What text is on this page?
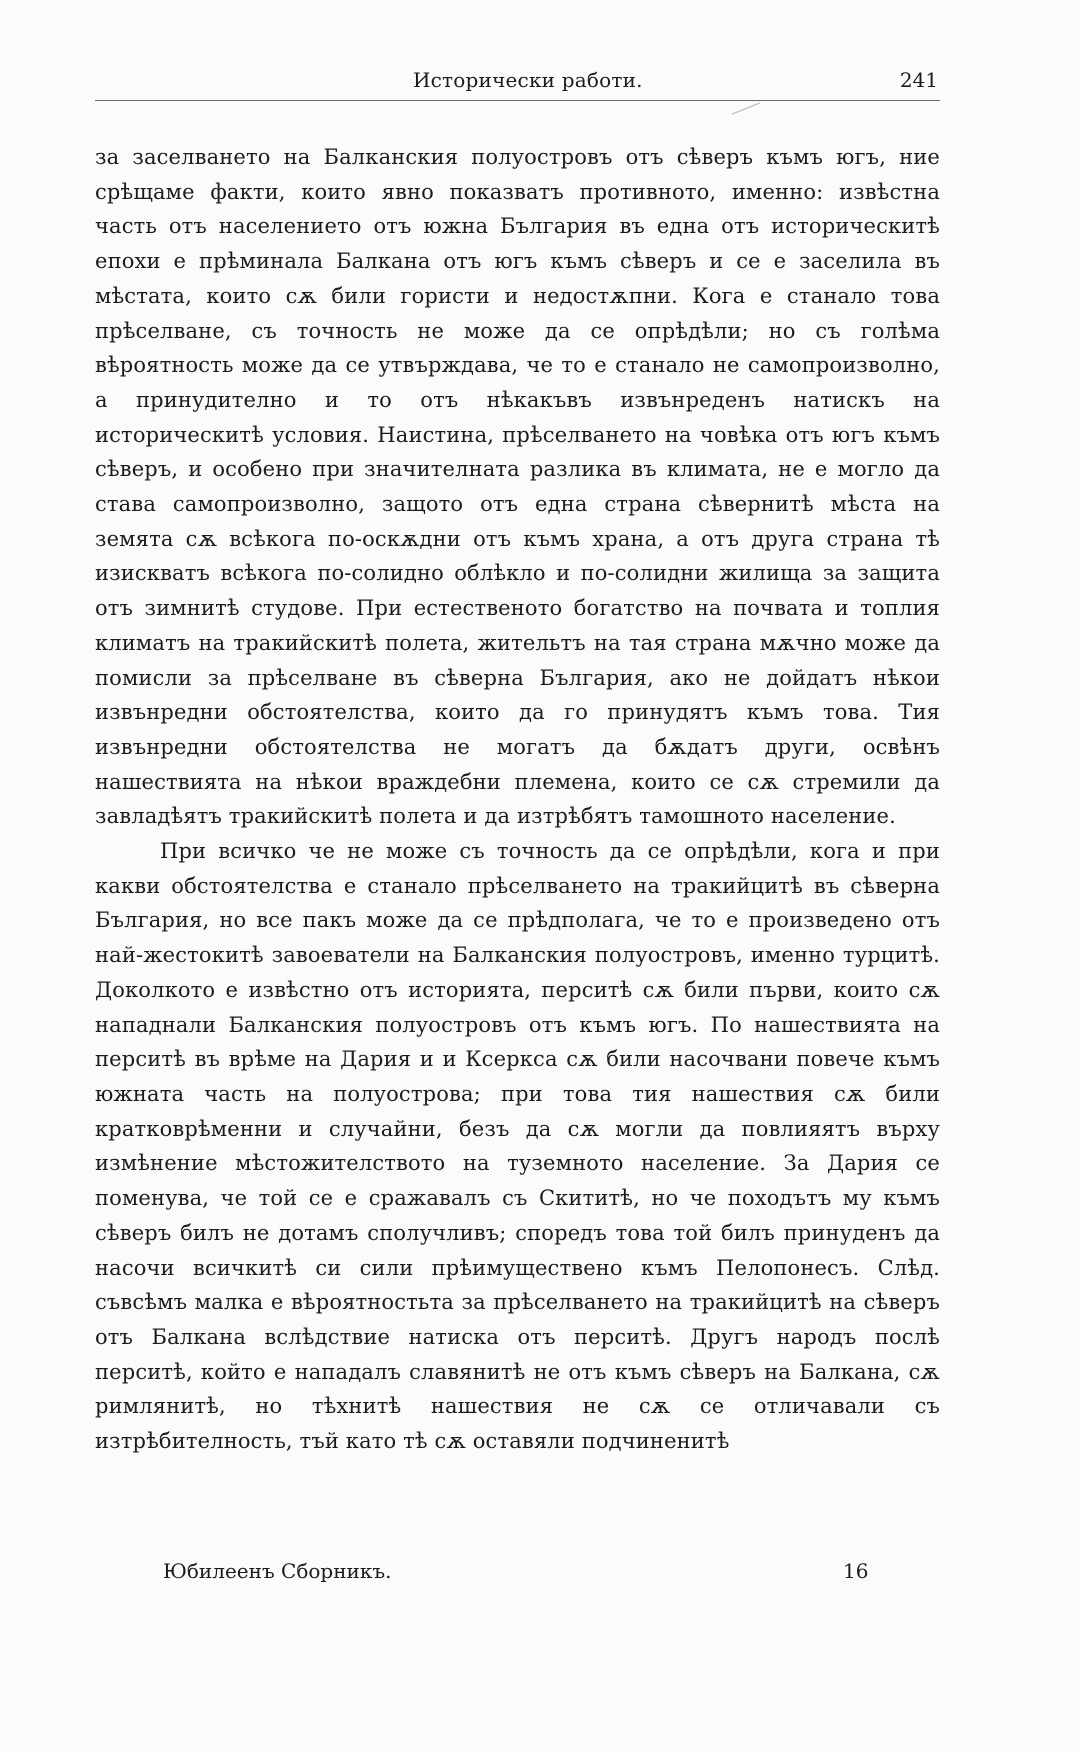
Исторически работи.	241

за заселването на Балканския полуостровъ отъ сѣверъ къмъ югъ, ние срѣщаме факти, които явно показватъ противното, именно: извѣстна часть отъ населението отъ южна България въ една отъ историческитѣ епохи е прѣминала Балкана отъ югъ къмъ сѣверъ и се е заселила въ мѣстата, които сѫ били гористи и недостѫпни. Кога е станало това прѣселване, съ точность не може да се опрѣдѣли; но съ голѣма вѣроятность може да се утвърждава, че то е станало не самопроизволно, а принудително и то отъ нѣкакъвъ извънреденъ натискъ на историческитѣ условия. Наистина, прѣселването на човѣка отъ югъ къмъ сѣверъ, и особено при значителната разлика въ климата, не е могло да става самопроизволно, защото отъ една страна сѣвернитѣ мѣста на земята сѫ всѣкога по-оскѫдни отъ къмъ храна, а отъ друга страна тѣ изискватъ всѣкога по-солидно облѣкло и по-солидни жилища за защита отъ зимнитѣ студове. При естественото богатство на почвата и топлия климатъ на тракийскитѣ полета, жительтъ на тая страна мѫчно може да помисли за прѣселване въ сѣверна България, ако не дойдатъ нѣкои извънредни обстоятелства, които да го принудятъ къмъ това. Тия извънредни обстоятелства не могатъ да бѫдатъ други, освѣнъ нашествията на нѣкои враждебни племена, които се сѫ стремили да завладѣятъ тракийскитѣ полета и да изтрѣбятъ тамошното население.

При всичко че не може съ точность да се опрѣдѣли, кога и при какви обстоятелства е станало прѣселването на тракийцитѣ въ сѣверна България, но все пакъ може да се прѣдполага, че то е произведено отъ най-жестокитѣ завоеватели на Балканския полуостровъ, именно турцитѣ. Доколкото е извѣстно отъ историята, перситѣ сѫ били първи, които сѫ нападнали Балканския полуостровъ отъ къмъ югъ. По нашествията на перситѣ въ врѣме на Дария и и Ксеркса сѫ били насочвани повече къмъ южната часть на полуострова; при това тия нашествия сѫ били кратковрѣменни и случайни, безъ да сѫ могли да повлияятъ върху измѣнение мѣстожителството на туземното население. За Дария се поменува, че той се е сражавалъ съ Скититѣ, но че походътъ му къмъ сѣверъ билъ не дотамъ сполучливъ; споредъ това той билъ принуденъ да насочи всичкитѣ си сили прѣимуществено къмъ Пелопонесъ. Слѣд. съвсѣмъ малка е вѣроятностьта за прѣселването на тракийцитѣ на сѣверъ отъ Балкана вслѣдствие натиска отъ перситѣ. Другъ народъ послѣ перситѣ, който е нападалъ славянитѣ не отъ къмъ сѣверъ на Балкана, сѫ римлянитѣ, но тѣхнитѣ нашествия не сѫ се отличавали съ изтрѣбителность, тъй като тѣ сѫ оставяли подчиненитѣ

Юбилеенъ Сборникъ.	16
